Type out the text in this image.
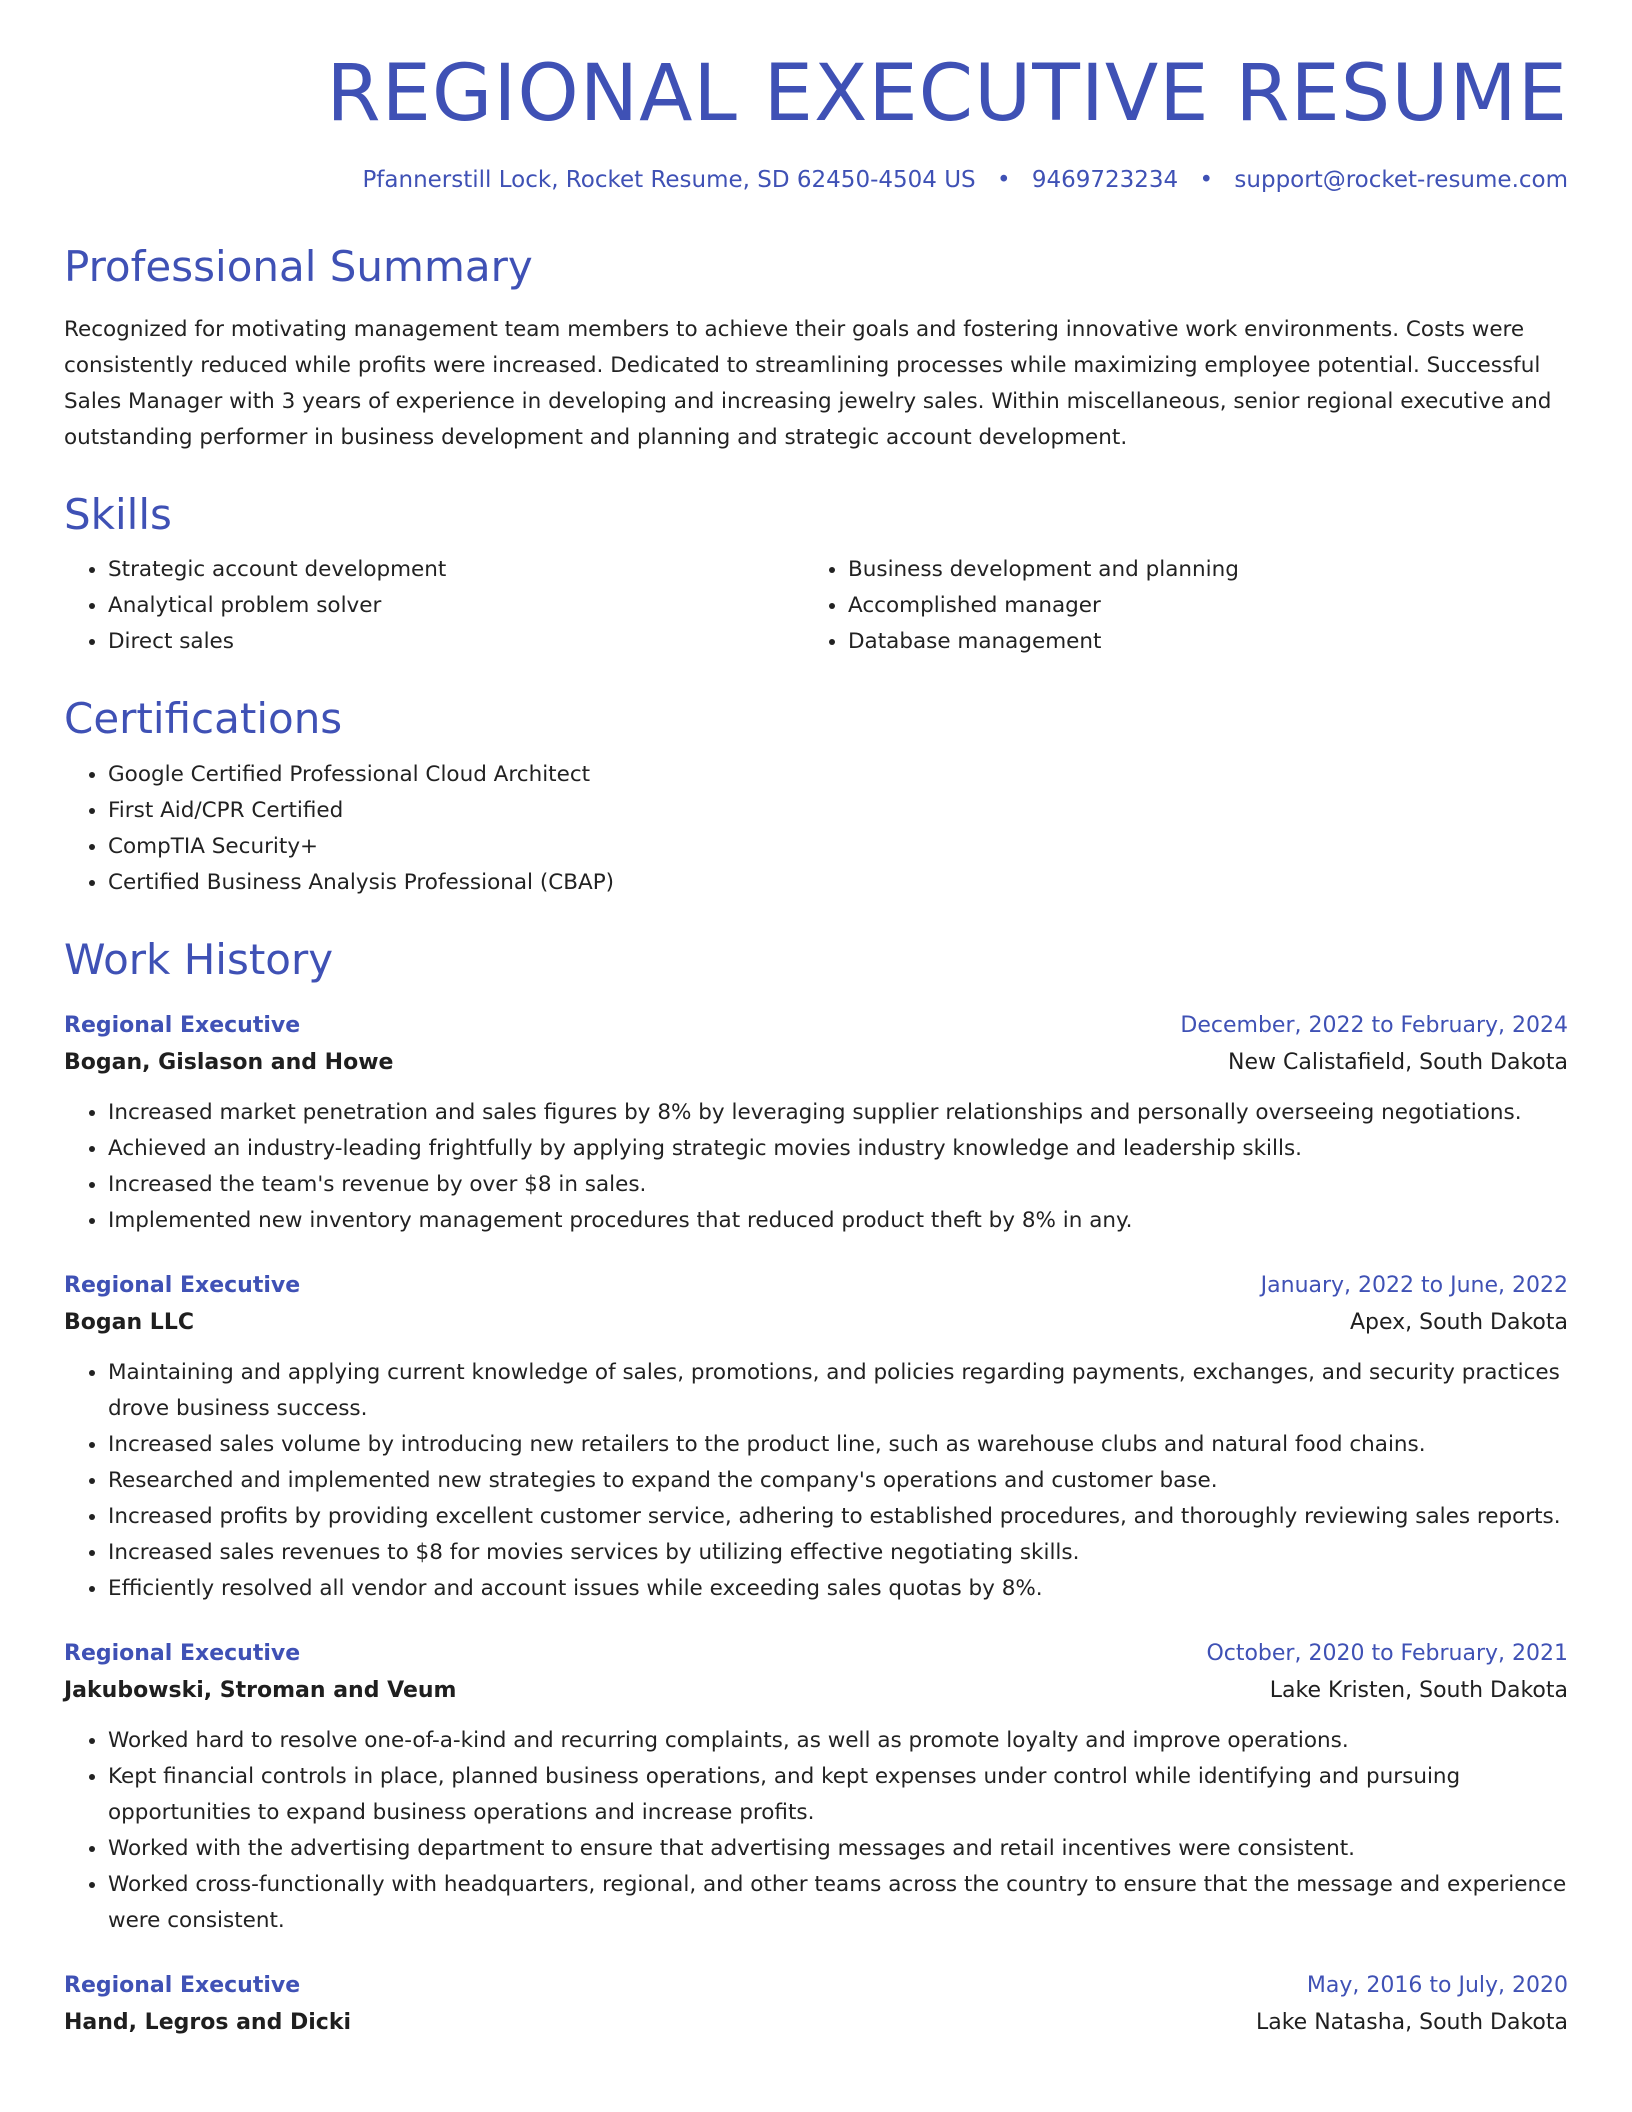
REGIONAL EXECUTIVE RESUME
Pfannerstill Lock, Rocket Resume, SD 62450-4504 US • 9469723234 • support@rocket-resume.com
Professional Summary

Recognized for motivating management team members to achieve their goals and fostering innovative work environments. Costs were consistently reduced while profits were increased. Dedicated to streamlining processes while maximizing employee potential. Successful Sales Manager with 3 years of experience in developing and increasing jewelry sales. Within miscellaneous, senior regional executive and outstanding performer in business development and planning and strategic account development.

Skills
• Strategic account development
• Analytical problem solver
• Direct sales
• Business development and planning
• Accomplished manager
• Database management
Certifications
• Google Certified Professional Cloud Architect
• First Aid/CPR Certified
• CompTIA Security+
• Certified Business Analysis Professional (CBAP)
Work History
Regional Executive	December, 2022 to February, 2024
Bogan, Gislason and Howe	New Calistafield, South Dakota
• Increased market penetration and sales figures by 8% by leveraging supplier relationships and personally overseeing negotiations.
• Achieved an industry-leading frightfully by applying strategic movies industry knowledge and leadership skills.
• Increased the team's revenue by over $8 in sales.
• Implemented new inventory management procedures that reduced product theft by 8% in any.
Regional Executive	January, 2022 to June, 2022
Bogan LLC	Apex, South Dakota
• Maintaining and applying current knowledge of sales, promotions, and policies regarding payments, exchanges, and security practices drove business success.
• Increased sales volume by introducing new retailers to the product line, such as warehouse clubs and natural food chains.
• Researched and implemented new strategies to expand the company's operations and customer base.
• Increased profits by providing excellent customer service, adhering to established procedures, and thoroughly reviewing sales reports.
• Increased sales revenues to $8 for movies services by utilizing effective negotiating skills.
• Efficiently resolved all vendor and account issues while exceeding sales quotas by 8%.
Regional Executive	October, 2020 to February, 2021
Jakubowski, Stroman and Veum	Lake Kristen, South Dakota
• Worked hard to resolve one-of-a-kind and recurring complaints, as well as promote loyalty and improve operations.
• Kept financial controls in place, planned business operations, and kept expenses under control while identifying and pursuing opportunities to expand business operations and increase profits.
• Worked with the advertising department to ensure that advertising messages and retail incentives were consistent.
• Worked cross-functionally with headquarters, regional, and other teams across the country to ensure that the message and experience were consistent.
Regional Executive	May, 2016 to July, 2020
Hand, Legros and Dicki	Lake Natasha, South Dakota
